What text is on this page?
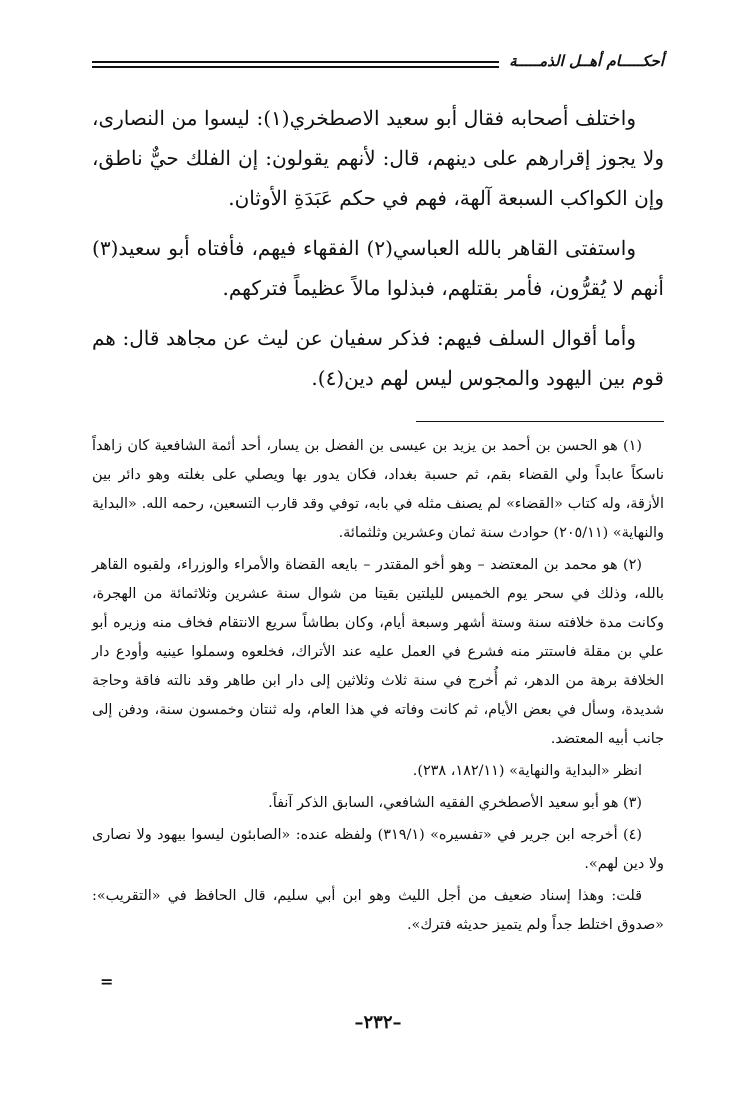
أحكـــــام أهــل الذمـــــة

واختلف أصحابه فقال أبو سعيد الاصطخري(١): ليسوا من النصارى، ولا يجوز إقرارهم على دينهم، قال: لأنهم يقولون: إن الفلك حيٌّ ناطق، وإن الكواكب السبعة آلهة، فهم في حكم عَبَدَةِ الأوثان.

واستفتى القاهر بالله العباسي(٢) الفقهاء فيهم، فأفتاه أبو سعيد(٣) أنهم لا يُقرُّون، فأمر بقتلهم، فبذلوا مالاً عظيماً فتركهم.

وأما أقوال السلف فيهم: فذكر سفيان عن ليث عن مجاهد قال: هم قوم بين اليهود والمجوس ليس لهم دين(٤).

(١) هو الحسن بن أحمد بن يزيد بن عيسى بن الفضل بن يسار، أحد أئمة الشافعية كان زاهداً ناسكاً عابداً ولي القضاء بقم، ثم حسبة بغداد، فكان يدور بها ويصلي على بغلته وهو دائر بين الأزقة، وله كتاب «القضاء» لم يصنف مثله في بابه، توفي وقد قارب التسعين، رحمه الله. «البداية والنهاية» (٢٠٥/١١) حوادث سنة ثمان وعشرين وثلثمائة.

(٢) هو محمد بن المعتضد – وهو أخو المقتدر – بايعه القضاة والأمراء والوزراء، ولقبوه القاهر بالله، وذلك في سحر يوم الخميس لليلتين بقيتا من شوال سنة عشرين وثلاثمائة من الهجرة، وكانت مدة خلافته سنة وستة أشهر وسبعة أيام، وكان بطاشاً سريع الانتقام فخاف منه وزيره أبو علي بن مقلة فاستتر منه فشرع في العمل عليه عند الأتراك، فخلعوه وسملوا عينيه وأودع دار الخلافة برهة من الدهر، ثم أُخرج في سنة ثلاث وثلاثين إلى دار ابن طاهر وقد نالته فاقة وحاجة شديدة، وسأل في بعض الأيام، ثم كانت وفاته في هذا العام، وله ثنتان وخمسون سنة، ودفن إلى جانب أبيه المعتضد.

انظر «البداية والنهاية» (١٨٢/١١، ٢٣٨).

(٣) هو أبو سعيد الأصطخري الفقيه الشافعي، السابق الذكر آنفاً.

(٤) أخرجه ابن جرير في «تفسيره» (٣١٩/١) ولفظه عنده: «الصابئون ليسوا بيهود ولا نصارى ولا دين لهم».

قلت: وهذا إسناد ضعيف من أجل الليث وهو ابن أبي سليم، قال الحافظ في «التقريب»: «صدوق اختلط جداً ولم يتميز حديثه فترك».

=
–٢٣٢–
